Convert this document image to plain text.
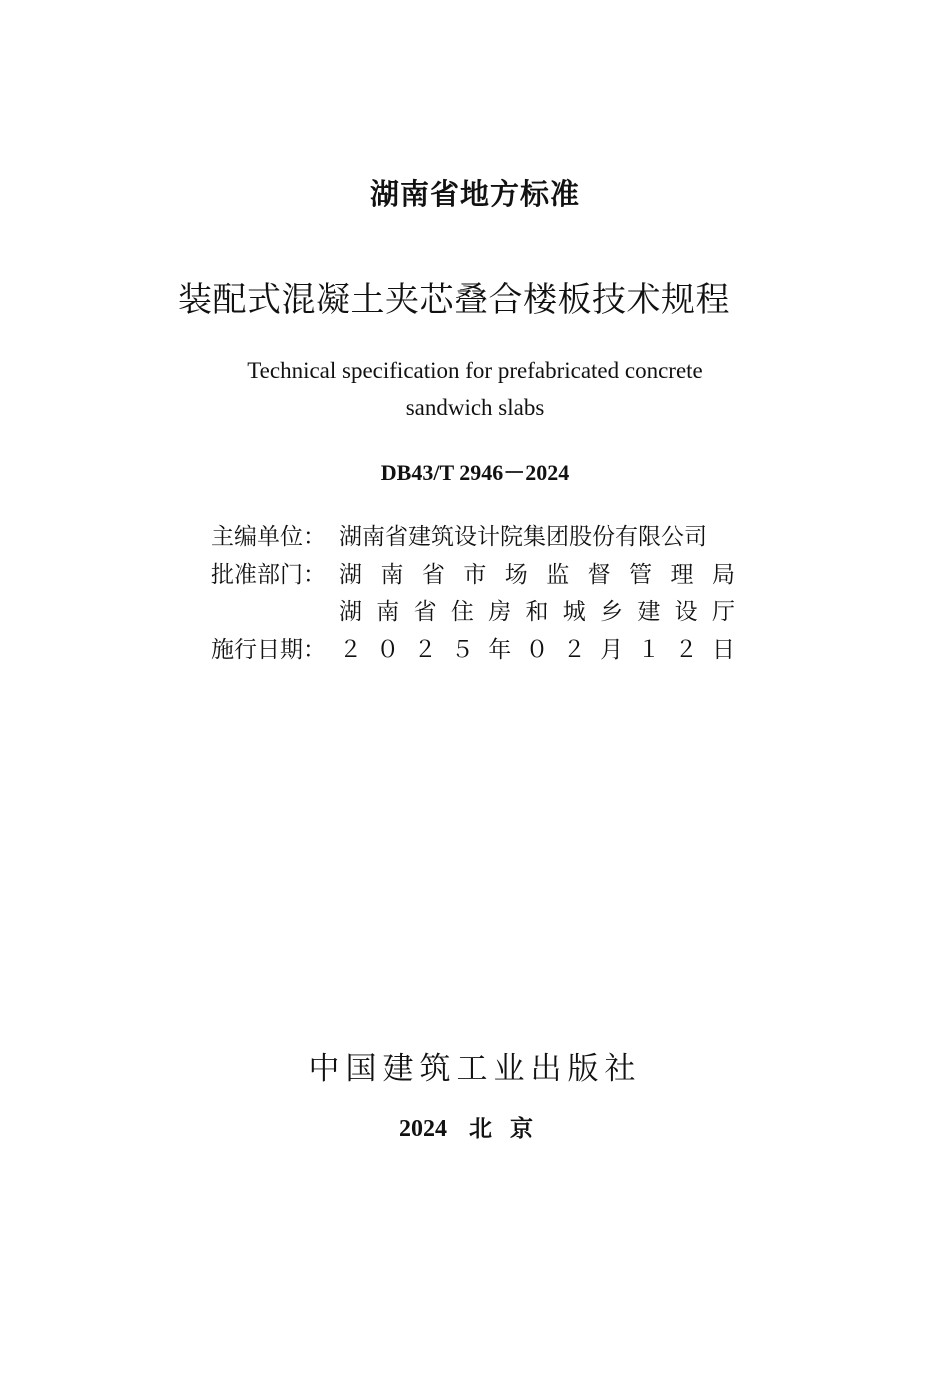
湖南省地方标准
装配式混凝土夹芯叠合楼板技术规程
Technical specification for prefabricated concrete
sandwich slabs
DB43/T 2946－2024
主编单位： 湖南省建筑设计院集团股份有限公司
批准部门： 湖 南 省 市 场 监 督 管 理 局
湖 南 省 住 房 和 城 乡 建 设 厅
施行日期： ２ ０ ２ ５ 年 ０ ２ 月 １ ２ 日
中国建筑工业出版社
2024 北京
